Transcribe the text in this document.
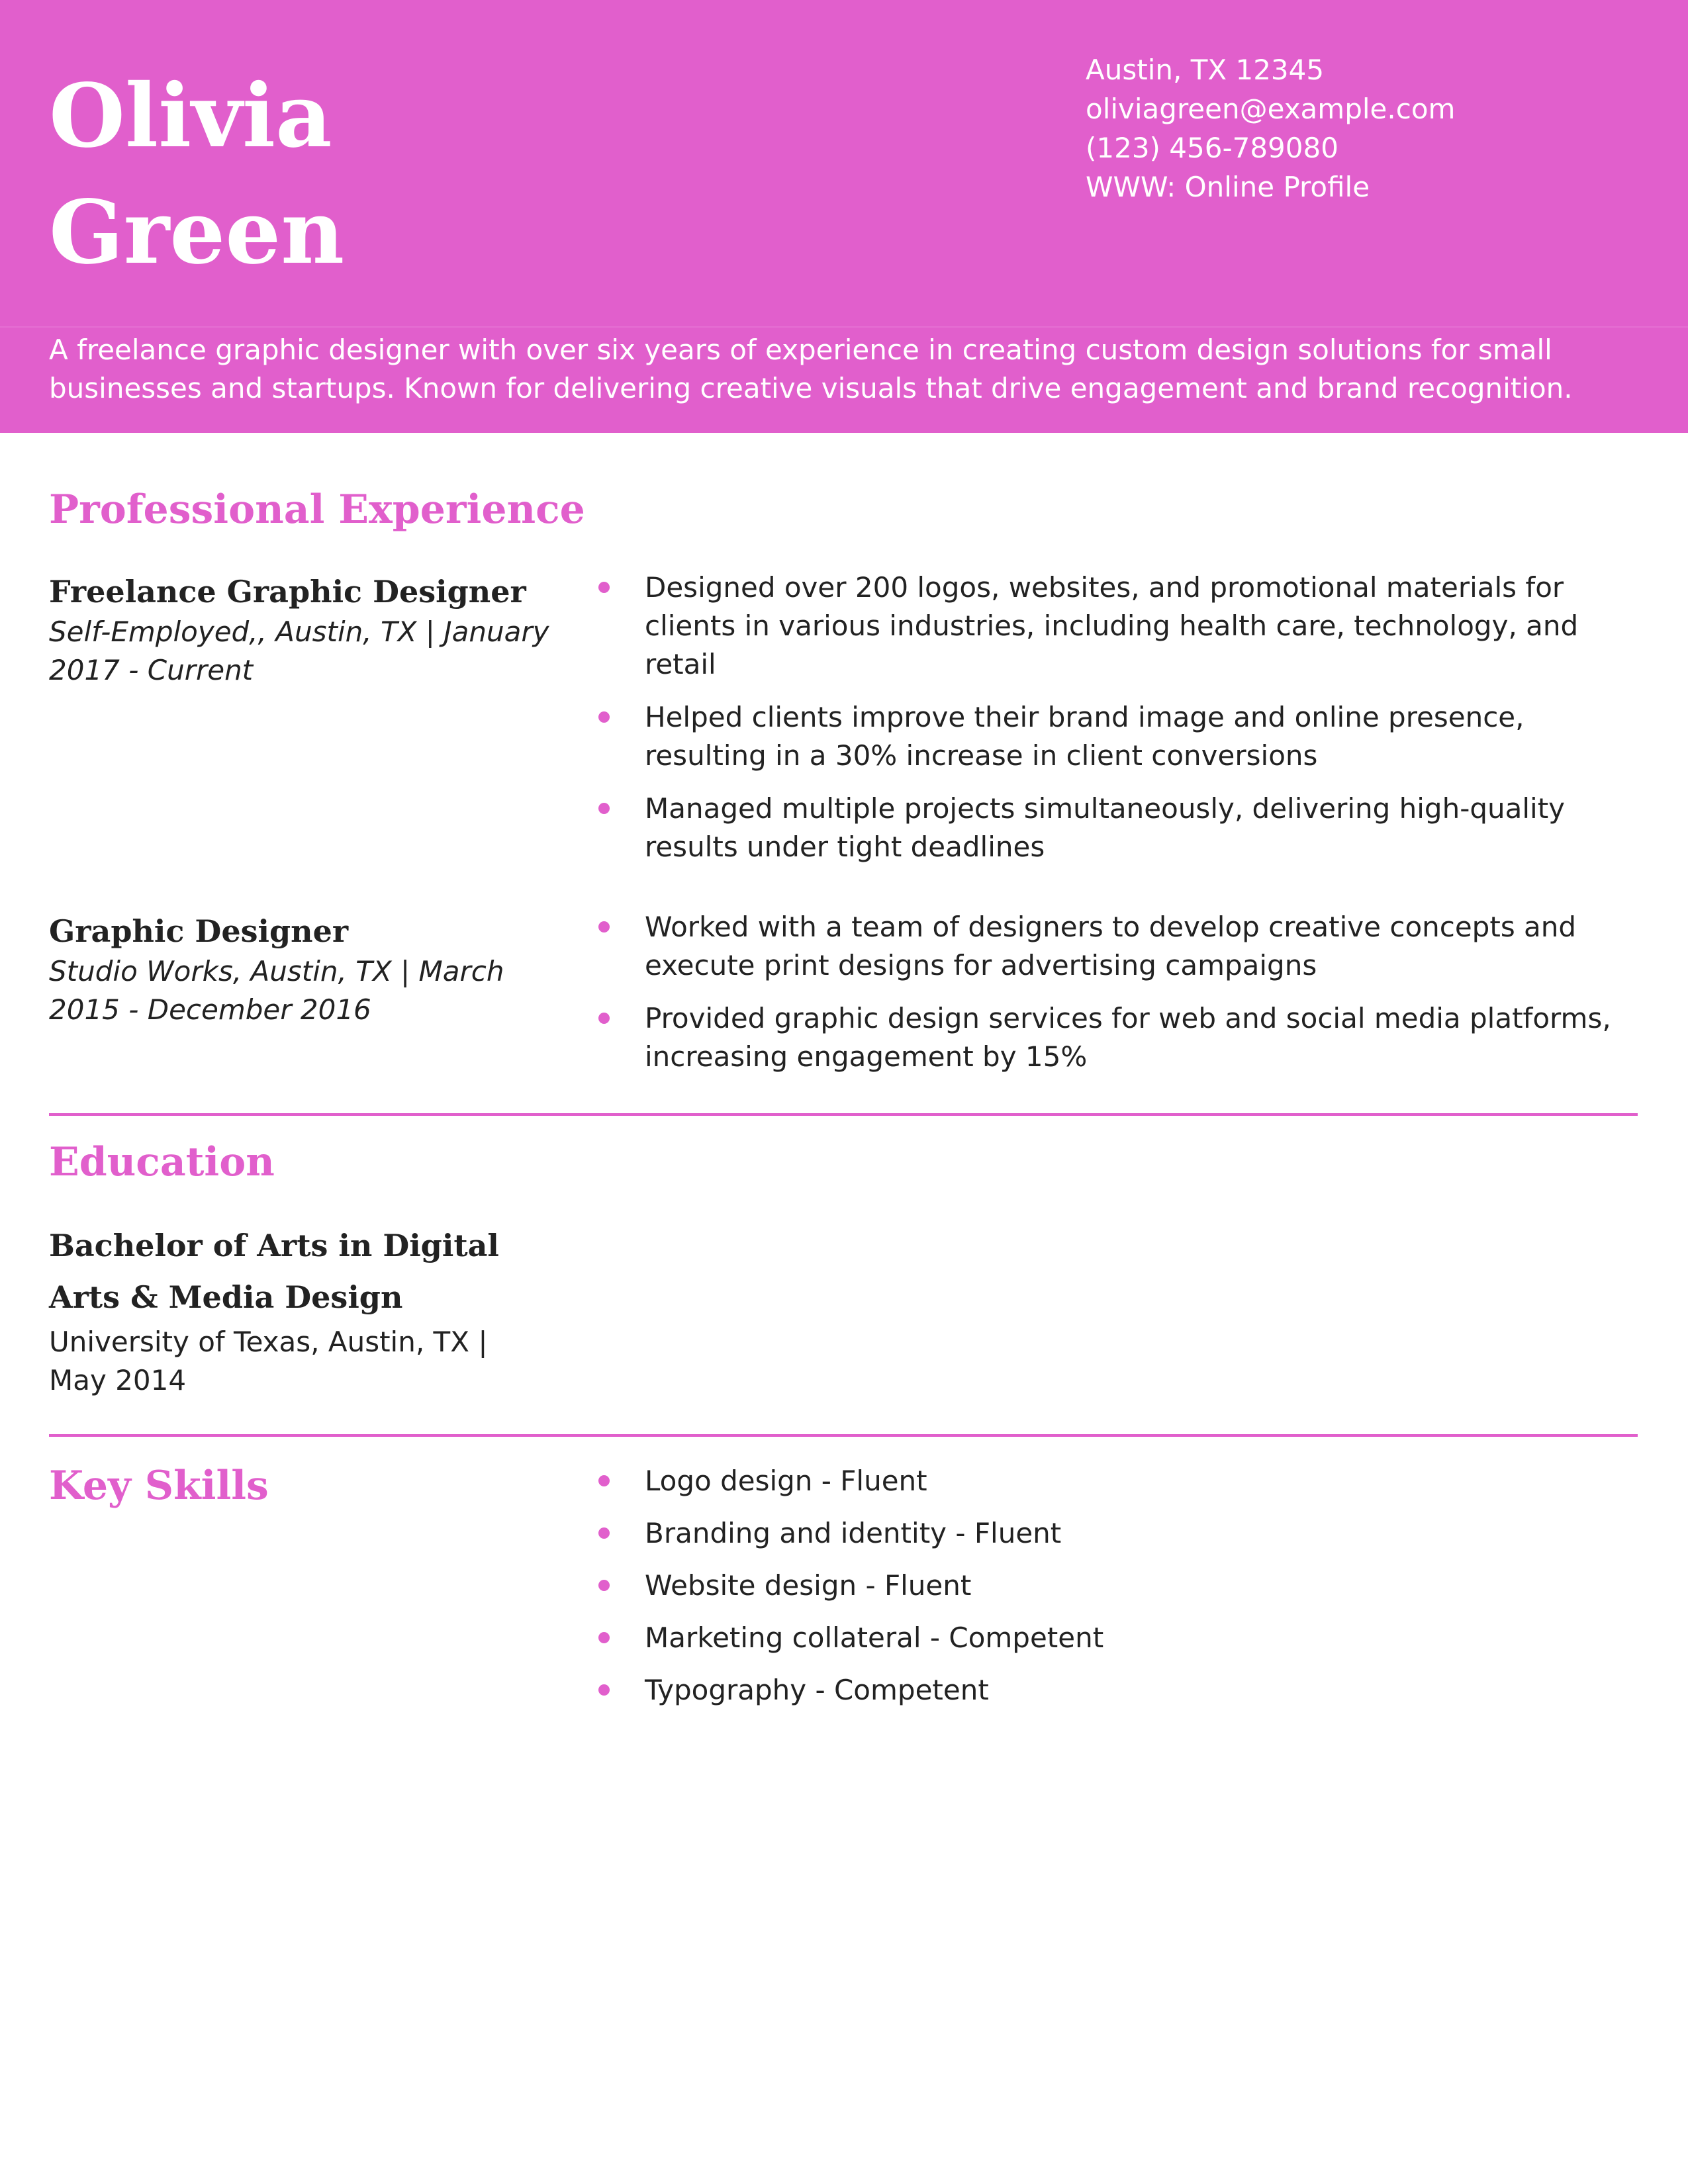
Olivia
Green
Austin, TX 12345
oliviagreen@example.com
(123) 456-789080
WWW: Online Profile
A freelance graphic designer with over six years of experience in creating custom design solutions for small businesses and startups. Known for delivering creative visuals that drive engagement and brand recognition.
Professional Experience
Freelance Graphic Designer
Self-Employed,, Austin, TX | January 2017 - Current
Designed over 200 logos, websites, and promotional materials for clients in various industries, including health care, technology, and retail
Helped clients improve their brand image and online presence, resulting in a 30% increase in client conversions
Managed multiple projects simultaneously, delivering high-quality results under tight deadlines
Graphic Designer
Studio Works, Austin, TX | March 2015 - December 2016
Worked with a team of designers to develop creative concepts and execute print designs for advertising campaigns
Provided graphic design services for web and social media platforms, increasing engagement by 15%
Education
Bachelor of Arts in Digital Arts & Media Design
University of Texas, Austin, TX | May 2014
Key Skills	Logo design - Fluent
Branding and identity - Fluent
Website design - Fluent
Marketing collateral - Competent
Typography - Competent
